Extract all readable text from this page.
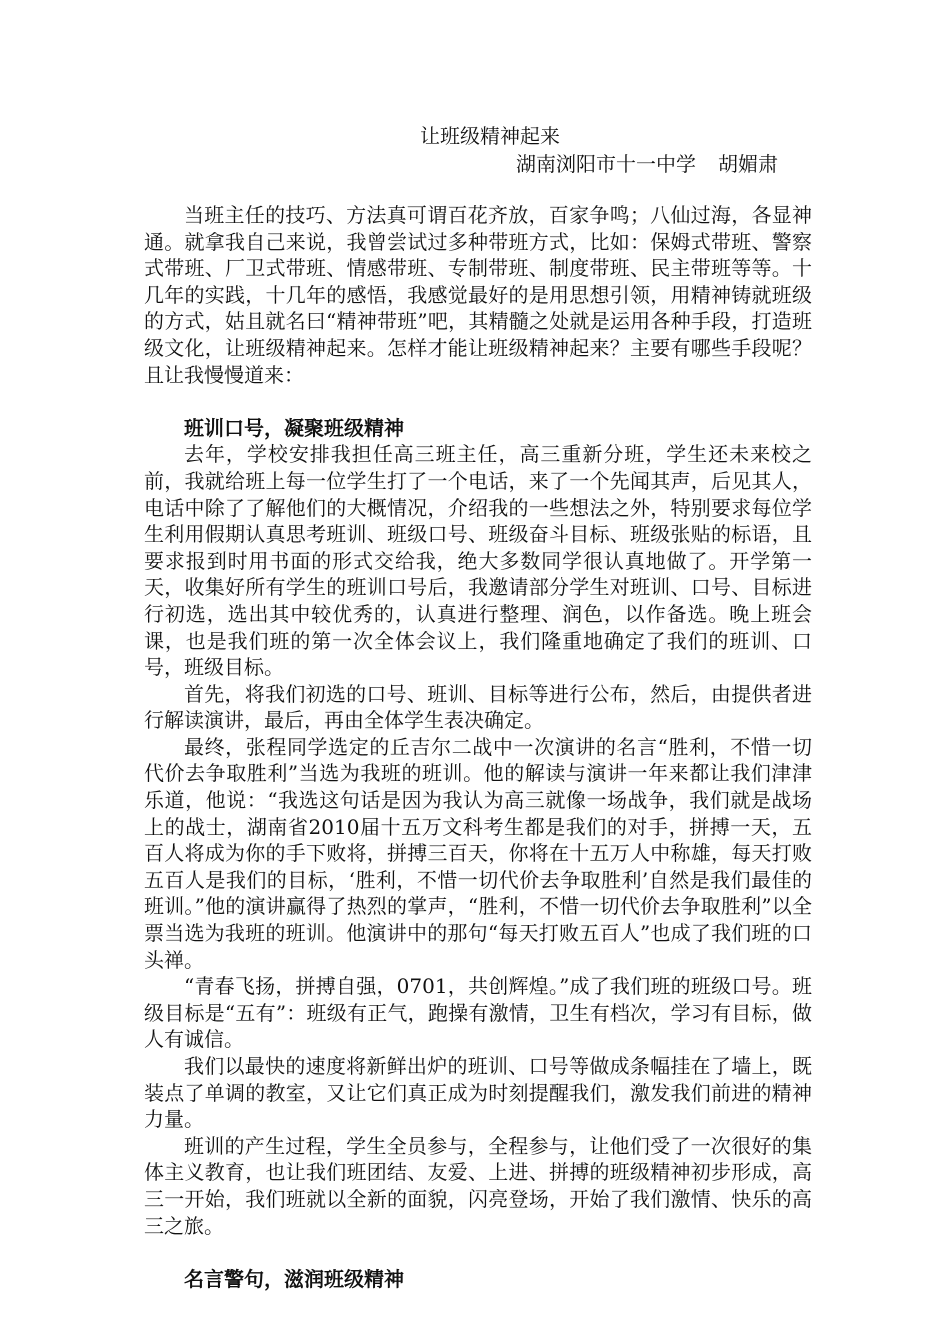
让班级精神起来
湖南浏阳市十一中学 胡媚肃

当班主任的技巧、方法真可谓百花齐放，百家争鸣；八仙过海，各显神通。就拿我自己来说，我曾尝试过多种带班方式，比如：保姆式带班、警察式带班、厂卫式带班、情感带班、专制带班、制度带班、民主带班等等。十几年的实践，十几年的感悟，我感觉最好的是用思想引领，用精神铸就班级的方式，姑且就名曰“精神带班”吧，其精髓之处就是运用各种手段，打造班级文化，让班级精神起来。怎样才能让班级精神起来？主要有哪些手段呢？且让我慢慢道来：

班训口号，凝聚班级精神

去年，学校安排我担任高三班主任，高三重新分班，学生还未来校之前，我就给班上每一位学生打了一个电话，来了一个先闻其声，后见其人，电话中除了了解他们的大概情况，介绍我的一些想法之外，特别要求每位学生利用假期认真思考班训、班级口号、班级奋斗目标、班级张贴的标语，且要求报到时用书面的形式交给我，绝大多数同学很认真地做了。开学第一天，收集好所有学生的班训口号后，我邀请部分学生对班训、口号、目标进行初选，选出其中较优秀的，认真进行整理、润色，以作备选。晚上班会课，也是我们班的第一次全体会议上，我们隆重地确定了我们的班训、口号，班级目标。

首先，将我们初选的口号、班训、目标等进行公布，然后，由提供者进行解读演讲，最后，再由全体学生表决确定。

最终，张程同学选定的丘吉尔二战中一次演讲的名言“胜利，不惜一切代价去争取胜利”当选为我班的班训。他的解读与演讲一年来都让我们津津乐道，他说：“我选这句话是因为我认为高三就像一场战争，我们就是战场上的战士，湖南省2010届十五万文科考生都是我们的对手，拼搏一天，五百人将成为你的手下败将，拼搏三百天，你将在十五万人中称雄，每天打败五百人是我们的目标，‘胜利，不惜一切代价去争取胜利’自然是我们最佳的班训。”他的演讲赢得了热烈的掌声，“胜利，不惜一切代价去争取胜利”以全票当选为我班的班训。他演讲中的那句“每天打败五百人”也成了我们班的口头禅。

“青春飞扬，拼搏自强，0701，共创辉煌。”成了我们班的班级口号。班级目标是“五有”：班级有正气，跑操有激情，卫生有档次，学习有目标，做人有诚信。

我们以最快的速度将新鲜出炉的班训、口号等做成条幅挂在了墙上，既装点了单调的教室，又让它们真正成为时刻提醒我们，激发我们前进的精神力量。

班训的产生过程，学生全员参与，全程参与，让他们受了一次很好的集体主义教育，也让我们班团结、友爱、上进、拼搏的班级精神初步形成，高三一开始，我们班就以全新的面貌，闪亮登场，开始了我们激情、快乐的高三之旅。

名言警句，滋润班级精神
